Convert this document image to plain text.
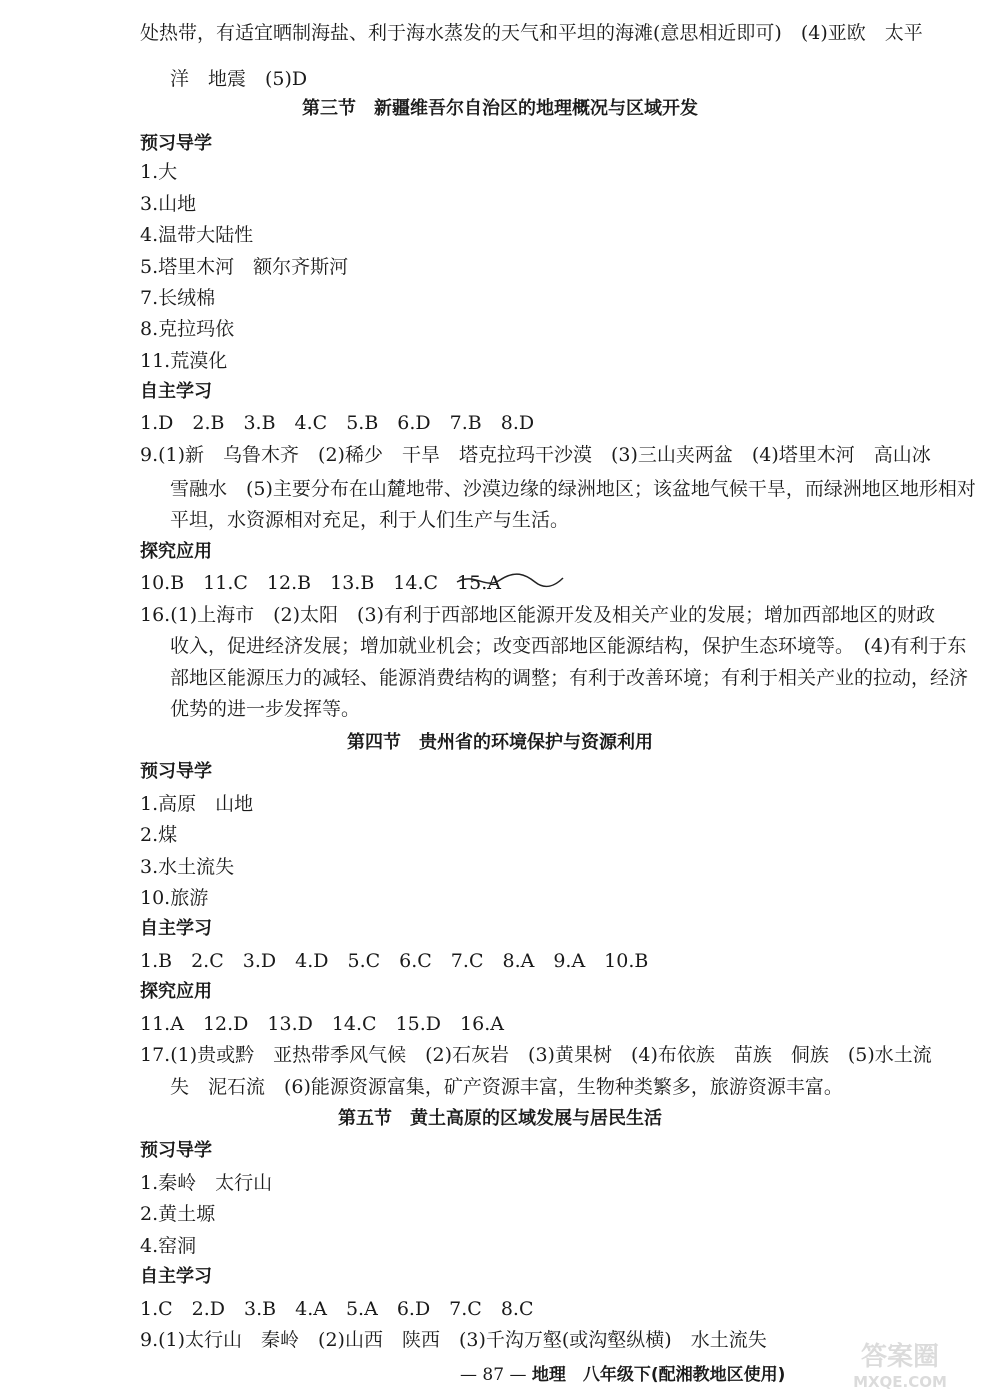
处热带，有适宜晒制海盐、利于海水蒸发的天气和平坦的海滩(意思相近即可)　(4)亚欧　太平
洋　地震　(5)D
第三节　新疆维吾尔自治区的地理概况与区域开发
预习导学
1.大
3.山地
4.温带大陆性
5.塔里木河　额尔齐斯河
7.长绒棉
8.克拉玛依
11.荒漠化
自主学习
1.D　2.B　3.B　4.C　5.B　6.D　7.B　8.D
9.(1)新　乌鲁木齐　(2)稀少　干旱　塔克拉玛干沙漠　(3)三山夹两盆　(4)塔里木河　高山冰
雪融水　(5)主要分布在山麓地带、沙漠边缘的绿洲地区；该盆地气候干旱，而绿洲地区地形相对
平坦，水资源相对充足，利于人们生产与生活。
探究应用
10.B　11.C　12.B　13.B　14.C　15.A
16.(1)上海市　(2)太阳　(3)有利于西部地区能源开发及相关产业的发展；增加西部地区的财政
收入，促进经济发展；增加就业机会；改变西部地区能源结构，保护生态环境等。　(4)有利于东
部地区能源压力的减轻、能源消费结构的调整；有利于改善环境；有利于相关产业的拉动，经济
优势的进一步发挥等。
第四节　贵州省的环境保护与资源利用
预习导学
1.高原　山地
2.煤
3.水土流失
10.旅游
自主学习
1.B　2.C　3.D　4.D　5.C　6.C　7.C　8.A　9.A　10.B
探究应用
11.A　12.D　13.D　14.C　15.D　16.A
17.(1)贵或黔　亚热带季风气候　(2)石灰岩　(3)黄果树　(4)布依族　苗族　侗族　(5)水土流
失　泥石流　(6)能源资源富集，矿产资源丰富，生物种类繁多，旅游资源丰富。
第五节　黄土高原的区域发展与居民生活
预习导学
1.秦岭　太行山
2.黄土塬
4.窑洞
自主学习
1.C　2.D　3.B　4.A　5.A　6.D　7.C　8.C
9.(1)太行山　秦岭　(2)山西　陕西　(3)千沟万壑(或沟壑纵横)　水土流失
— 87 — 地理　八年级下(配湘教地区使用)
答案圈
MXQE.COM
